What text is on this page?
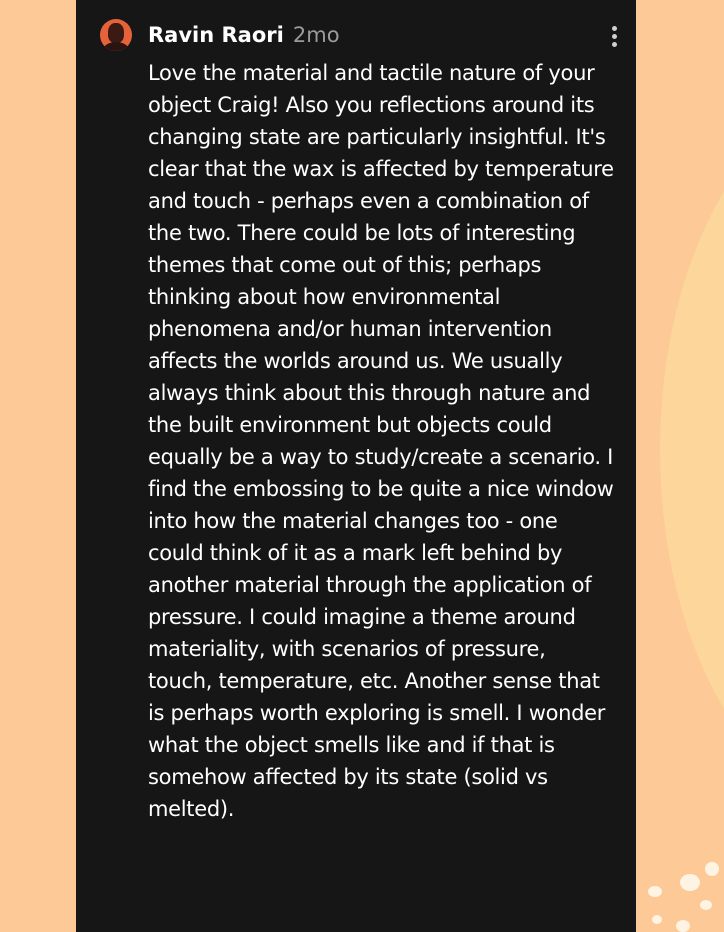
Ravin Raori 2mo

Love the material and tactile nature of your object Craig! Also you reflections around its changing state are particularly insightful. It's clear that the wax is affected by temperature and touch - perhaps even a combination of the two. There could be lots of interesting themes that come out of this; perhaps thinking about how environmental phenomena and/or human intervention affects the worlds around us. We usually always think about this through nature and the built environment but objects could equally be a way to study/create a scenario. I find the embossing to be quite a nice window into how the material changes too - one could think of it as a mark left behind by another material through the application of pressure. I could imagine a theme around materiality, with scenarios of pressure, touch, temperature, etc. Another sense that is perhaps worth exploring is smell. I wonder what the object smells like and if that is somehow affected by its state (solid vs melted).
